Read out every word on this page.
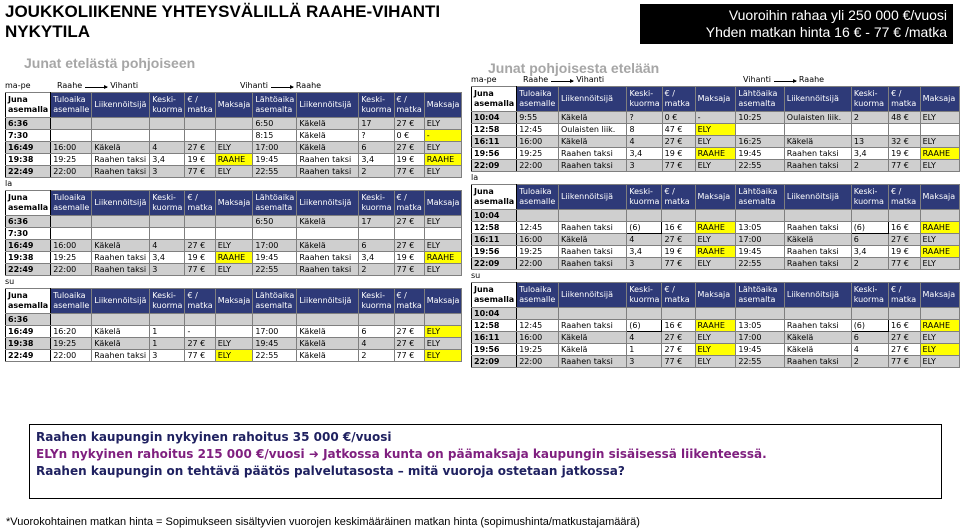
JOUKKOLIIKENNE YHTEYSVÄLILLÄ RAAHE-VIHANTI NYKYTILA
Vuoroihin rahaa yli 250 000 €/vuosi
Yhden matkan hinta 16 € - 77 € /matka
Junat etelästä pohjoiseen	Junat pohjoisesta etelään
ma-pe	Raahe	Vihanti	Vihanti	Raahe
Juna asemalla	Tuloaika asemalle	Liikennöitsijä	Keski-kuorma	€ / matka	Maksaja	Lähtöaika asemalta	Liikennöitsijä	Keski-kuorma	€ / matka	Maksaja
6:36						6:50	Käkelä	17	27 €	ELY
7:30						8:15	Käkelä	?	0 €	-
16:49	16:00	Käkelä	4	27 €	ELY	17:00	Käkelä	6	27 €	ELY
19:38	19:25	Raahen taksi	3,4	19 €	RAAHE	19:45	Raahen taksi	3,4	19 €	RAAHE
22:49	22:00	Raahen taksi	3	77 €	ELY	22:55	Raahen taksi	2	77 €	ELY
la
Juna asemalla	Tuloaika asemalle	Liikennöitsijä	Keski-kuorma	€ / matka	Maksaja	Lähtöaika asemalta	Liikennöitsijä	Keski-kuorma	€ / matka	Maksaja
6:36						6:50	Käkelä	17	27 €	ELY
7:30										
16:49	16:00	Käkelä	4	27 €	ELY	17:00	Käkelä	6	27 €	ELY
19:38	19:25	Raahen taksi	3,4	19 €	RAAHE	19:45	Raahen taksi	3,4	19 €	RAAHE
22:49	22:00	Raahen taksi	3	77 €	ELY	22:55	Raahen taksi	2	77 €	ELY
su
Juna asemalla	Tuloaika asemalle	Liikennöitsijä	Keski-kuorma	€ / matka	Maksaja	Lähtöaika asemalta	Liikennöitsijä	Keski-kuorma	€ / matka	Maksaja
6:36										
16:49	16:20	Käkelä	1	-		17:00	Käkelä	6	27 €	ELY
19:38	19:25	Käkelä	1	27 €	ELY	19:45	Käkelä	4	27 €	ELY
22:49	22:00	Raahen taksi	3	77 €	ELY	22:55	Käkelä	2	77 €	ELY
ma-pe	Raahe	Vihanti	Vihanti	Raahe
Juna asemalla	Tuloaika asemalle	Liikennöitsijä	Keski-kuorma	€ / matka	Maksaja	Lähtöaika asemalta	Liikennöitsijä	Keski-kuorma	€ / matka	Maksaja
10:04	9:55	Käkelä	?	0 €	-	10:25	Oulaisten liik.	2	48 €	ELY
12:58	12:45	Oulaisten liik.	8	47 €	ELY					
16:11	16:00	Käkelä	4	27 €	ELY	16:25	Käkelä	13	32 €	ELY
19:56	19:25	Raahen taksi	3,4	19 €	RAAHE	19:45	Raahen taksi	3,4	19 €	RAAHE
22:09	22:00	Raahen taksi	3	77 €	ELY	22:55	Raahen taksi	2	77 €	ELY
la
Juna asemalla	Tuloaika asemalle	Liikennöitsijä	Keski-kuorma	€ / matka	Maksaja	Lähtöaika asemalta	Liikennöitsijä	Keski-kuorma	€ / matka	Maksaja
10:04										
12:58	12:45	Raahen taksi	(6)	16 €	RAAHE	13:05	Raahen taksi	(6)	16 €	RAAHE
16:11	16:00	Käkelä	4	27 €	ELY	17:00	Käkelä	6	27 €	ELY
19:56	19:25	Raahen taksi	3,4	19 €	RAAHE	19:45	Raahen taksi	3,4	19 €	RAAHE
22:09	22:00	Raahen taksi	3	77 €	ELY	22:55	Raahen taksi	2	77 €	ELY
su
Juna asemalla	Tuloaika asemalle	Liikennöitsijä	Keski-kuorma	€ / matka	Maksaja	Lähtöaika asemalta	Liikennöitsijä	Keski-kuorma	€ / matka	Maksaja
10:04										
12:58	12:45	Raahen taksi	(6)	16 €	RAAHE	13:05	Raahen taksi	(6)	16 €	RAAHE
16:11	16:00	Käkelä	4	27 €	ELY	17:00	Käkelä	6	27 €	ELY
19:56	19:25	Käkelä	1	27 €	ELY	19:45	Käkelä	4	27 €	ELY
22:09	22:00	Raahen taksi	3	77 €	ELY	22:55	Raahen taksi	2	77 €	ELY
Raahen kaupungin nykyinen rahoitus 35 000 €/vuosi
ELYn nykyinen rahoitus 215 000 €/vuosi ➜ Jatkossa kunta on päämaksaja kaupungin sisäisessä liikenteessä.
Raahen kaupungin on tehtävä päätös palvelutasosta – mitä vuoroja ostetaan jatkossa?
*Vuorokohtainen matkan hinta = Sopimukseen sisältyvien vuorojen keskimääräinen matkan hinta (sopimushinta/matkustajamäärä)
